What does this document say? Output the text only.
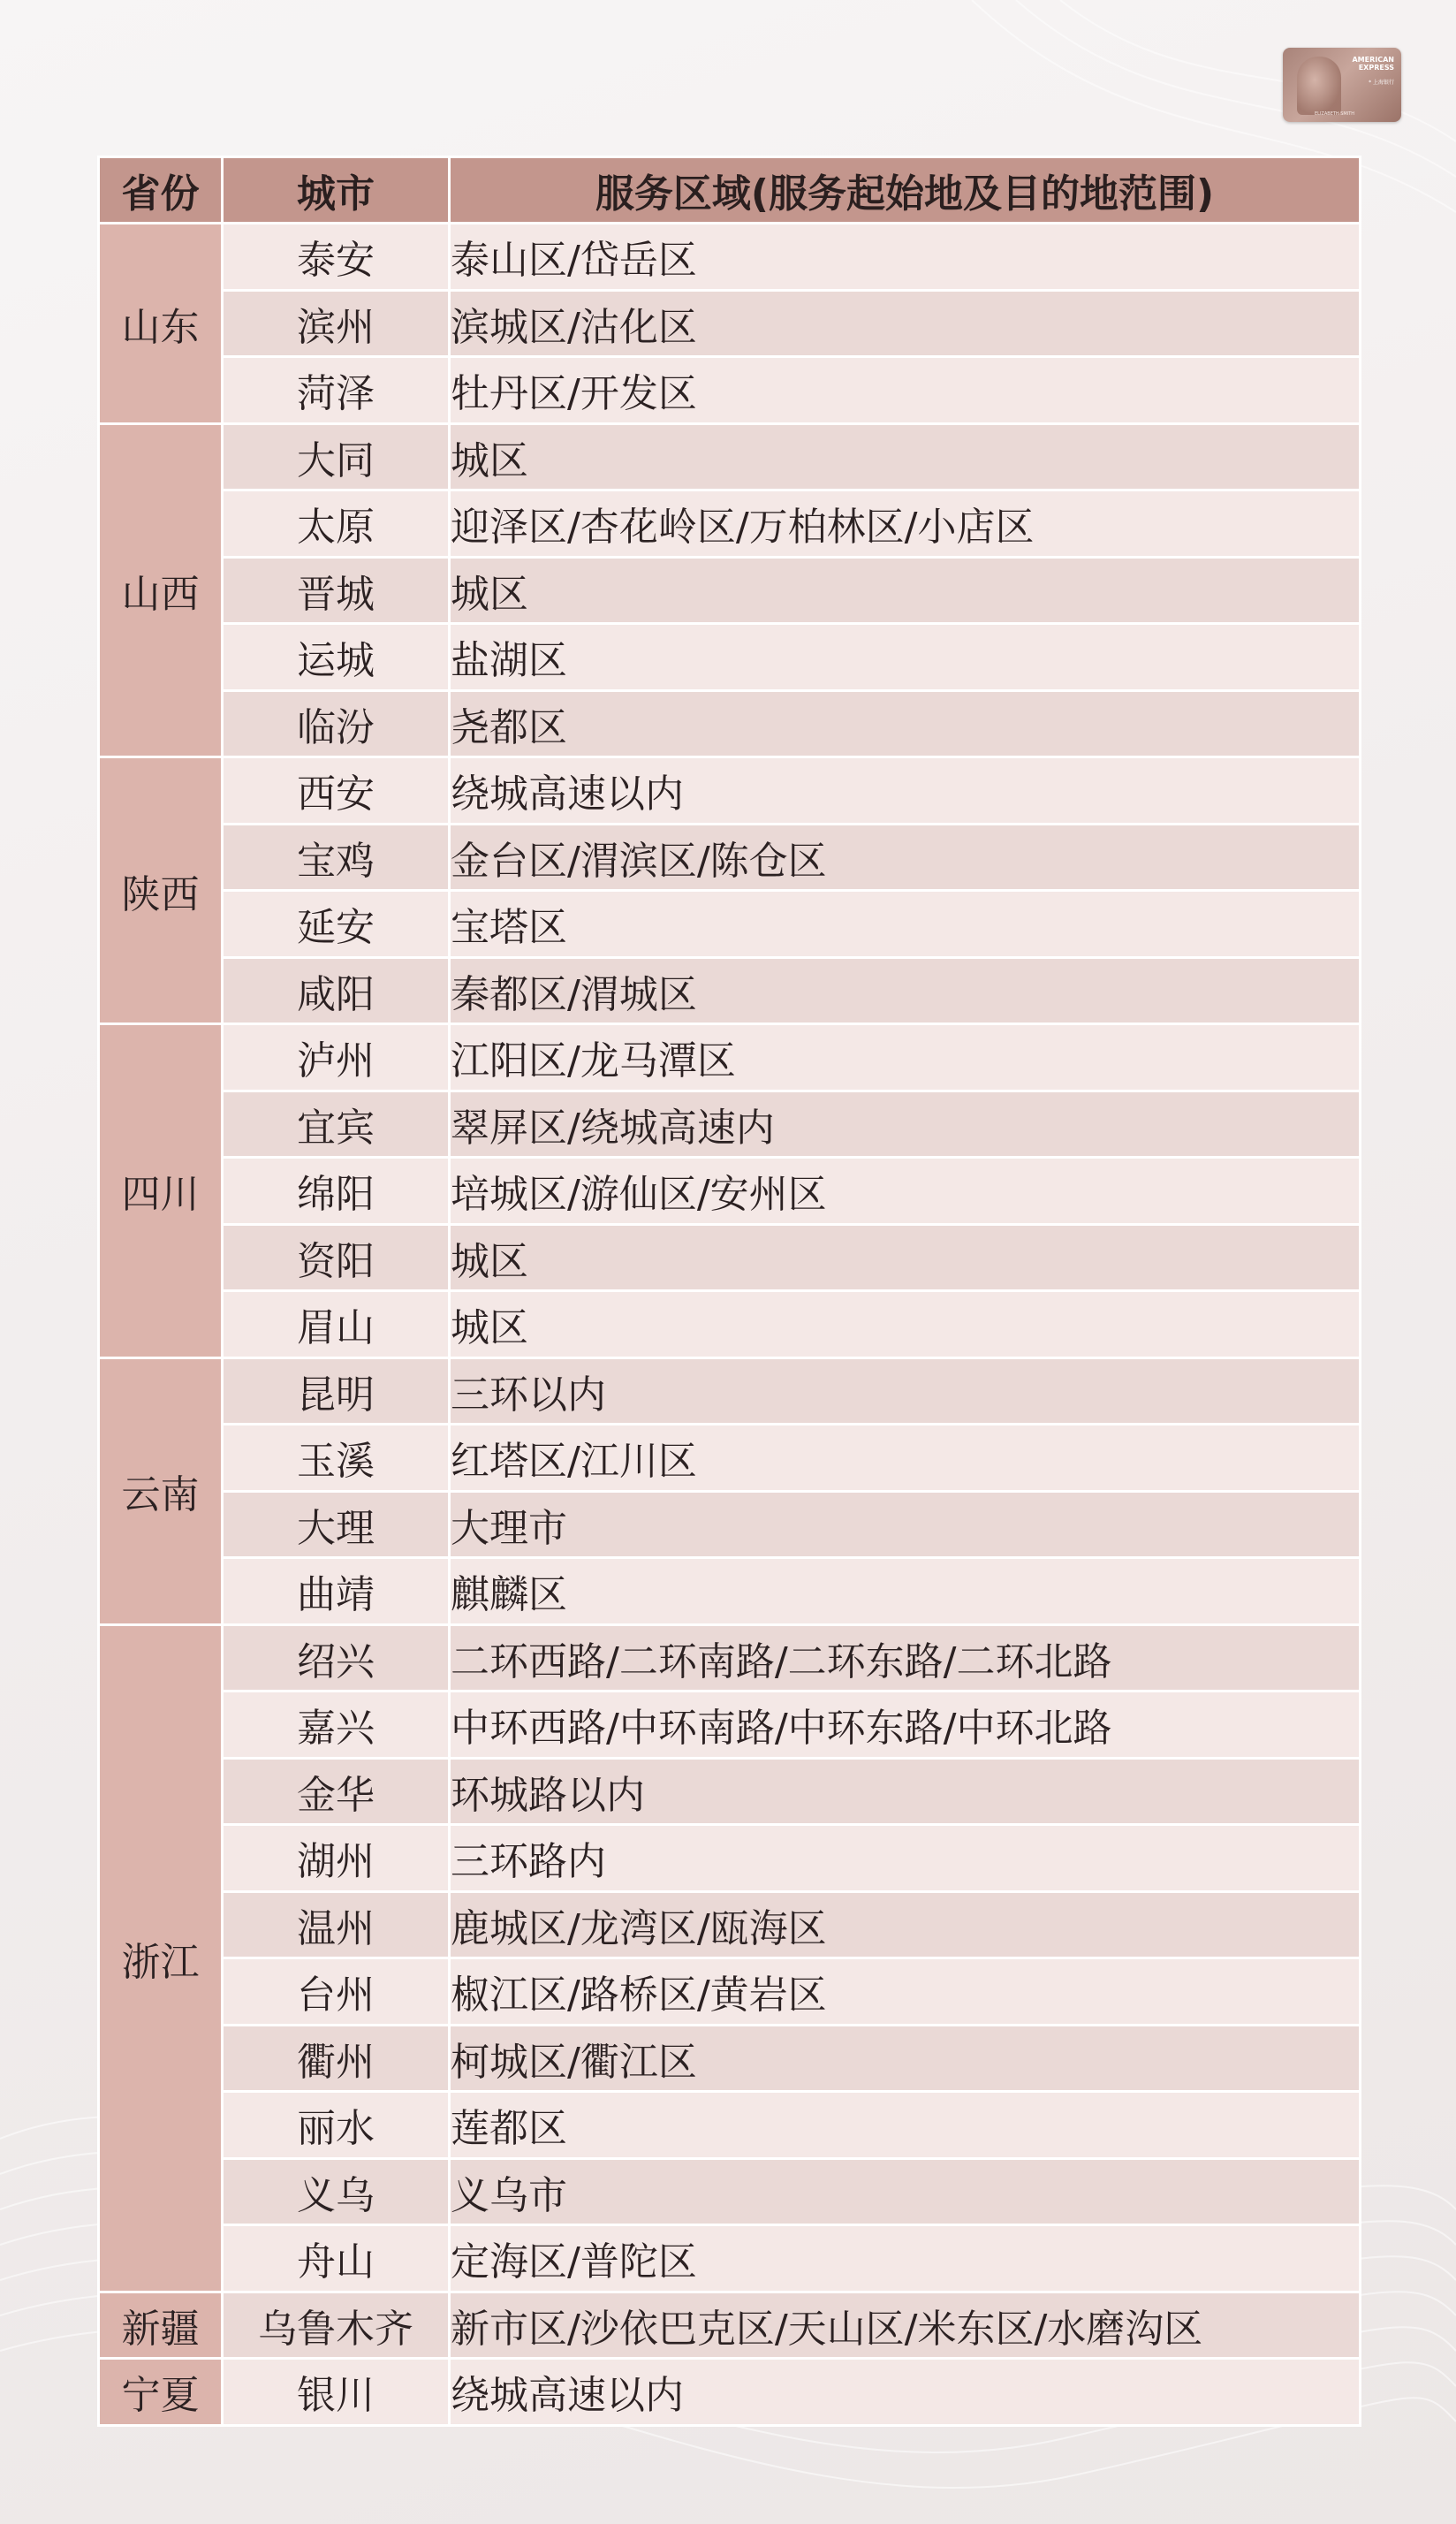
AMERICAN
EXPRESS
* 上海银行
ELIZABETH SMITH
省份	城市	服务区域(服务起始地及目的地范围)
山东	泰安	泰山区/岱岳区
	滨州	滨城区/沽化区
	菏泽	牡丹区/开发区
山西	大同	城区
	太原	迎泽区/杏花岭区/万柏林区/小店区
	晋城	城区
	运城	盐湖区
	临汾	尧都区
陕西	西安	绕城高速以内
	宝鸡	金台区/渭滨区/陈仓区
	延安	宝塔区
	咸阳	秦都区/渭城区
四川	泸州	江阳区/龙马潭区
	宜宾	翠屏区/绕城高速内
	绵阳	培城区/游仙区/安州区
	资阳	城区
	眉山	城区
云南	昆明	三环以内
	玉溪	红塔区/江川区
	大理	大理市
	曲靖	麒麟区
浙江	绍兴	二环西路/二环南路/二环东路/二环北路
	嘉兴	中环西路/中环南路/中环东路/中环北路
	金华	环城路以内
	湖州	三环路内
	温州	鹿城区/龙湾区/瓯海区
	台州	椒江区/路桥区/黄岩区
	衢州	柯城区/衢江区
	丽水	莲都区
	义乌	义乌市
	舟山	定海区/普陀区
新疆	乌鲁木齐	新市区/沙依巴克区/天山区/米东区/水磨沟区
宁夏	银川	绕城高速以内
